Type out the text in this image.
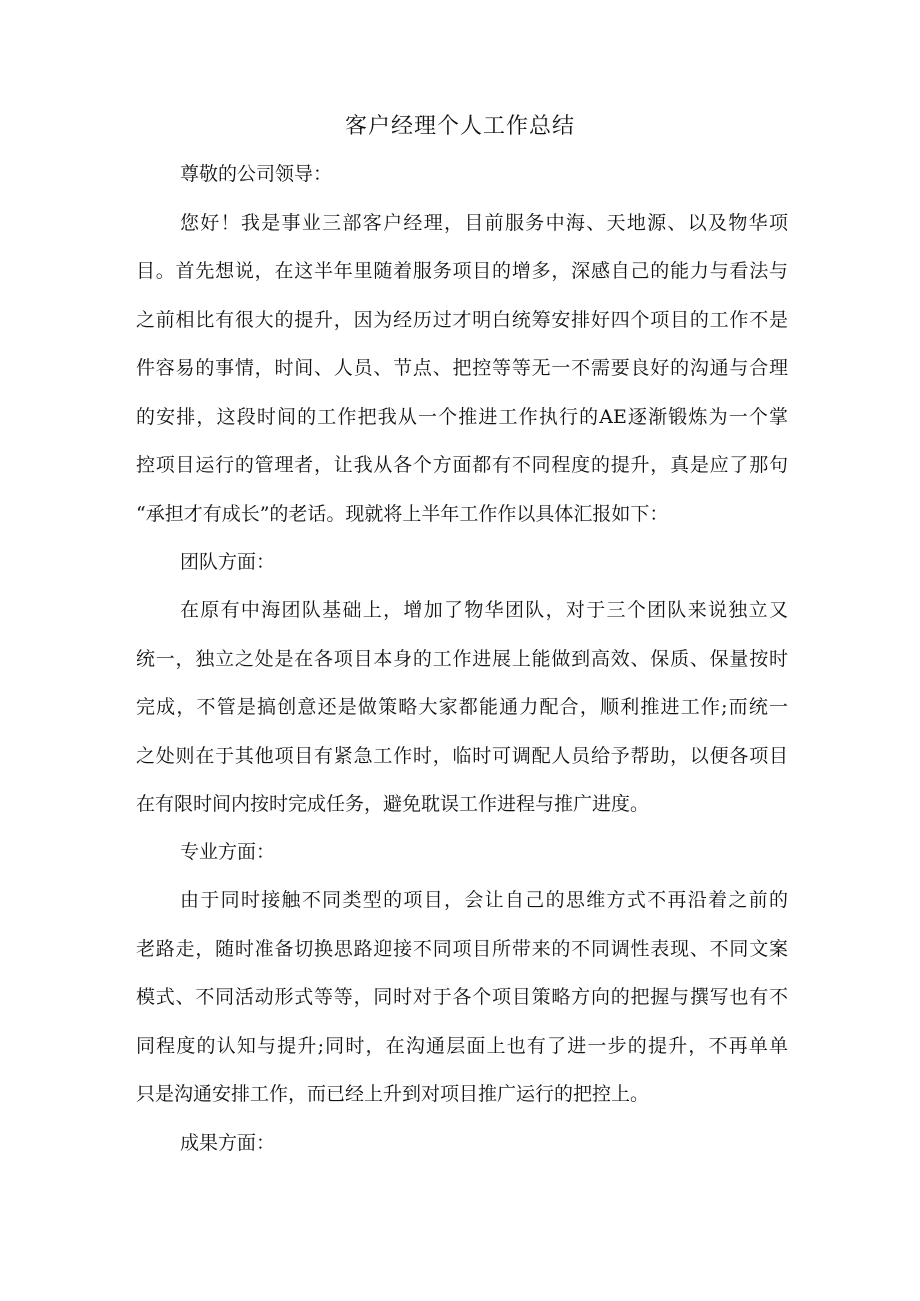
客户经理个人工作总结
尊敬的公司领导：
您好！我是事业三部客户经理，目前服务中海、天地源、以及物华项
目。首先想说，在这半年里随着服务项目的增多，深感自己的能力与看法与
之前相比有很大的提升，因为经历过才明白统筹安排好四个项目的工作不是
件容易的事情，时间、人员、节点、把控等等无一不需要良好的沟通与合理
的安排，这段时间的工作把我从一个推进工作执行的AE逐渐锻炼为一个掌
控项目运行的管理者，让我从各个方面都有不同程度的提升，真是应了那句
“承担才有成长”的老话。现就将上半年工作作以具体汇报如下：
团队方面：
在原有中海团队基础上，增加了物华团队，对于三个团队来说独立又
统一，独立之处是在各项目本身的工作进展上能做到高效、保质、保量按时
完成，不管是搞创意还是做策略大家都能通力配合，顺利推进工作;而统一
之处则在于其他项目有紧急工作时，临时可调配人员给予帮助，以便各项目
在有限时间内按时完成任务，避免耽误工作进程与推广进度。
专业方面：
由于同时接触不同类型的项目，会让自己的思维方式不再沿着之前的
老路走，随时准备切换思路迎接不同项目所带来的不同调性表现、不同文案
模式、不同活动形式等等，同时对于各个项目策略方向的把握与撰写也有不
同程度的认知与提升;同时，在沟通层面上也有了进一步的提升，不再单单
只是沟通安排工作，而已经上升到对项目推广运行的把控上。
成果方面：
